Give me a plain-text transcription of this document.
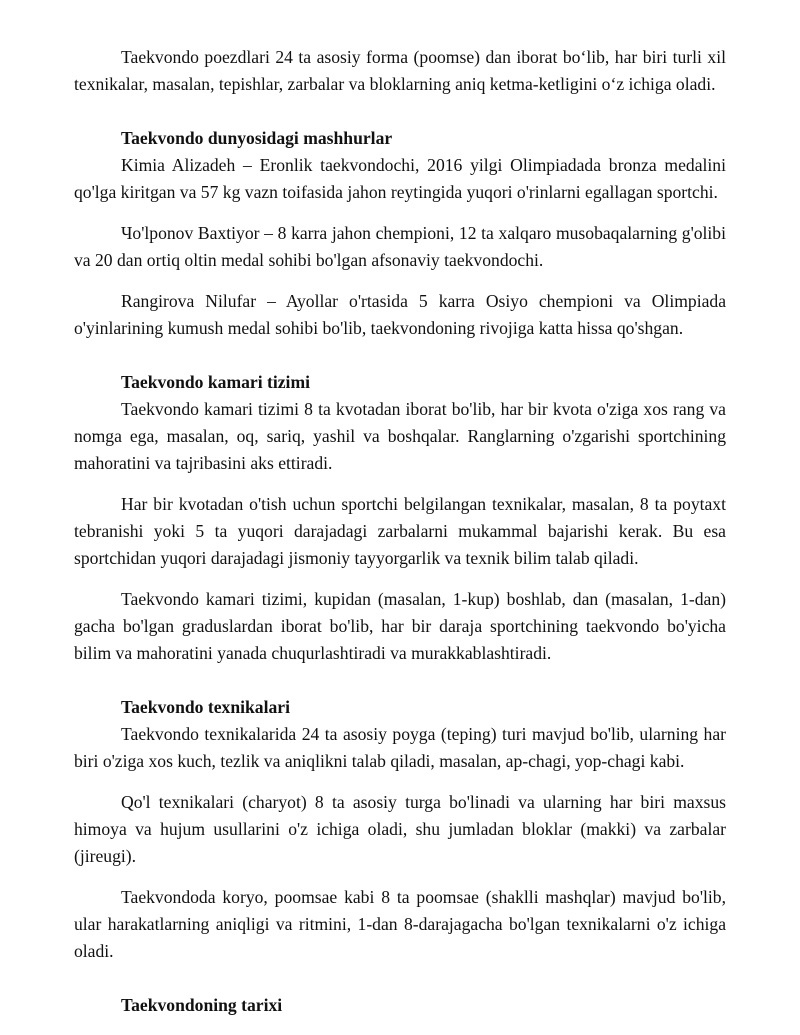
Taekvondo poezdlari 24 ta asosiy forma (poomse) dan iborat bo‘lib, har biri turli xil texnikalar, masalan, tepishlar, zarbalar va bloklarning aniq ketma-ketligini o‘z ichiga oladi.

Taekvondo dunyosidagi mashhurlar

Kimia Alizadeh – Eronlik taekvondochi, 2016 yilgi Olimpiadada bronza medalini qo'lga kiritgan va 57 kg vazn toifasida jahon reytingida yuqori o'rinlarni egallagan sportchi.

Чo'lponov Baxtiyor – 8 karra jahon chempioni, 12 ta xalqaro musobaqalarning g'olibi va 20 dan ortiq oltin medal sohibi bo'lgan afsonaviy taekvondochi.

Rangirova Nilufar – Ayollar o'rtasida 5 karra Osiyo chempioni va Olimpiada o'yinlarining kumush medal sohibi bo'lib, taekvondoning rivojiga katta hissa qo'shgan.

Taekvondo kamari tizimi

Taekvondo kamari tizimi 8 ta kvotadan iborat bo'lib, har bir kvota o'ziga xos rang va nomga ega, masalan, oq, sariq, yashil va boshqalar. Ranglarning o'zgarishi sportchining mahoratini va tajribasini aks ettiradi.

Har bir kvotadan o'tish uchun sportchi belgilangan texnikalar, masalan, 8 ta poytaxt tebranishi yoki 5 ta yuqori darajadagi zarbalarni mukammal bajarishi kerak. Bu esa sportchidan yuqori darajadagi jismoniy tayyorgarlik va texnik bilim talab qiladi.

Taekvondo kamari tizimi, kupidan (masalan, 1-kup) boshlab, dan (masalan, 1-dan) gacha bo'lgan graduslardan iborat bo'lib, har bir daraja sportchining taekvondo bo'yicha bilim va mahoratini yanada chuqurlashtiradi va murakkablashtiradi.

Taekvondo texnikalari

Taekvondo texnikalarida 24 ta asosiy poyga (teping) turi mavjud bo'lib, ularning har biri o'ziga xos kuch, tezlik va aniqlikni talab qiladi, masalan, ap-chagi, yop-chagi kabi.

Qo'l texnikalari (charyot) 8 ta asosiy turga bo'linadi va ularning har biri maxsus himoya va hujum usullarini o'z ichiga oladi, shu jumladan bloklar (makki) va zarbalar (jireugi).

Taekvondoda koryo, poomsae kabi 8 ta poomsae (shaklli mashqlar) mavjud bo'lib, ular harakatlarning aniqligi va ritmini, 1-dan 8-darajagacha bo'lgan texnikalarni o'z ichiga oladi.

Taekvondoning tarixi
